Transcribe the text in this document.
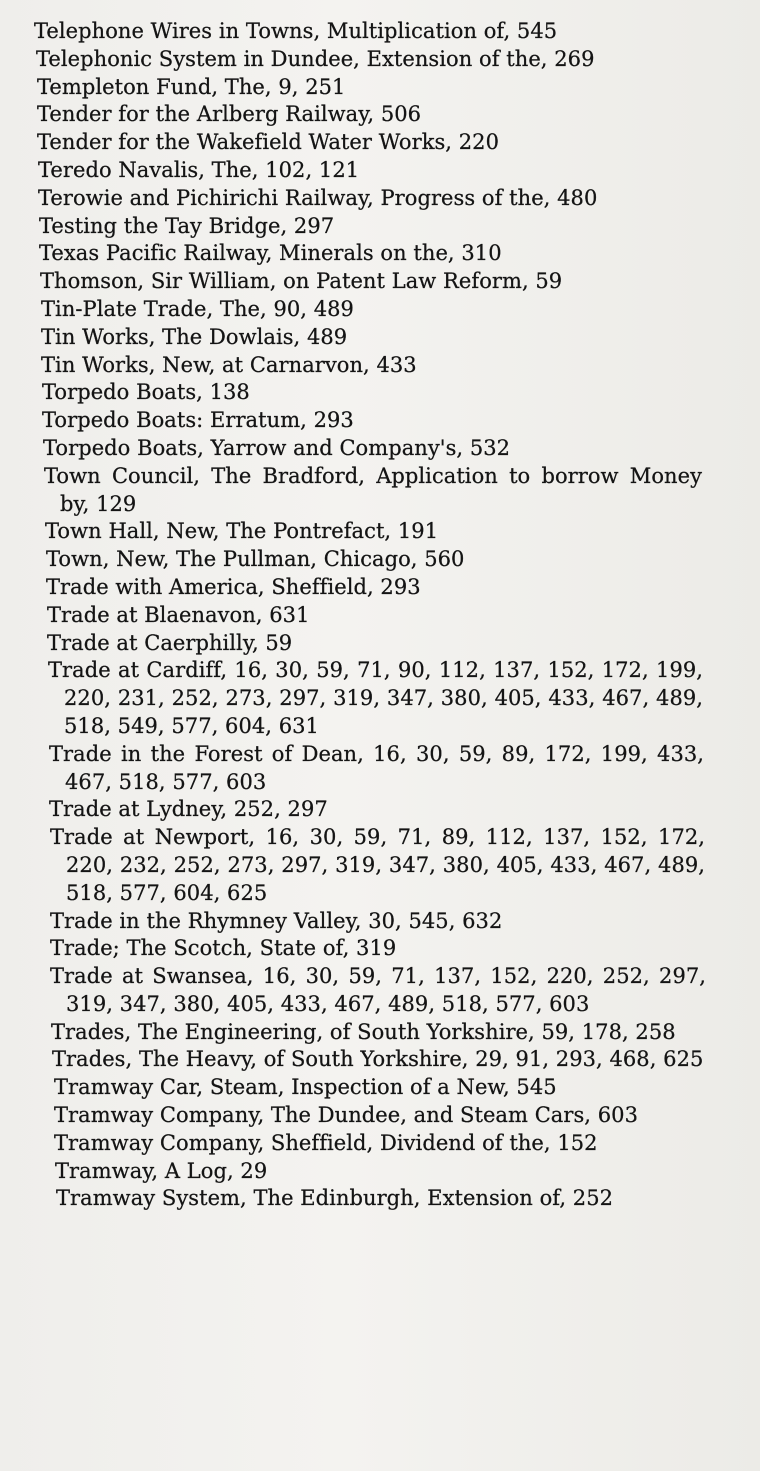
Telephone Wires in Towns, Multiplication of, 545
Telephonic System in Dundee, Extension of the, 269
Templeton Fund, The, 9, 251
Tender for the Arlberg Railway, 506
Tender for the Wakefield Water Works, 220
Teredo Navalis, The, 102, 121
Terowie and Pichirichi Railway, Progress of the, 480
Testing the Tay Bridge, 297
Texas Pacific Railway, Minerals on the, 310
Thomson, Sir William, on Patent Law Reform, 59
Tin-Plate Trade, The, 90, 489
Tin Works, The Dowlais, 489
Tin Works, New, at Carnarvon, 433
Torpedo Boats, 138
Torpedo Boats: Erratum, 293
Torpedo Boats, Yarrow and Company's, 532
Town Council, The Bradford, Application to borrow Money by, 129
Town Hall, New, The Pontrefact, 191
Town, New, The Pullman, Chicago, 560
Trade with America, Sheffield, 293
Trade at Blaenavon, 631
Trade at Caerphilly, 59
Trade at Cardiff, 16, 30, 59, 71, 90, 112, 137, 152, 172, 199, 220, 231, 252, 273, 297, 319, 347, 380, 405, 433, 467, 489, 518, 549, 577, 604, 631
Trade in the Forest of Dean, 16, 30, 59, 89, 172, 199, 433, 467, 518, 577, 603
Trade at Lydney, 252, 297
Trade at Newport, 16, 30, 59, 71, 89, 112, 137, 152, 172, 220, 232, 252, 273, 297, 319, 347, 380, 405, 433, 467, 489, 518, 577, 604, 625
Trade in the Rhymney Valley, 30, 545, 632
Trade; The Scotch, State of, 319
Trade at Swansea, 16, 30, 59, 71, 137, 152, 220, 252, 297, 319, 347, 380, 405, 433, 467, 489, 518, 577, 603
Trades, The Engineering, of South Yorkshire, 59, 178, 258
Trades, The Heavy, of South Yorkshire, 29, 91, 293, 468, 625
Tramway Car, Steam, Inspection of a New, 545
Tramway Company, The Dundee, and Steam Cars, 603
Tramway Company, Sheffield, Dividend of the, 152
Tramway, A Log, 29
Tramway System, The Edinburgh, Extension of, 252
